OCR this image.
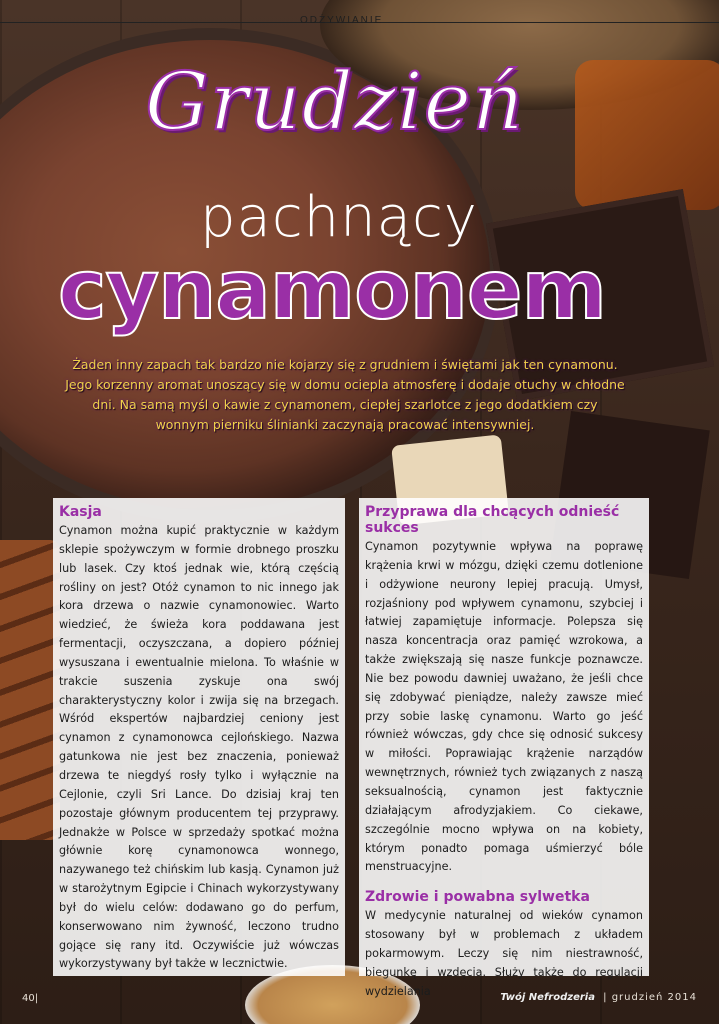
ODŻYWIANIE
Grudzień
pachnący
cynamonem
Żaden inny zapach tak bardzo nie kojarzy się z grudniem i świętami jak ten cynamonu. Jego korzenny aromat unoszący się w domu ociepla atmosferę i dodaje otuchy w chłodne dni. Na samą myśl o kawie z cynamonem, ciepłej szarlotce z jego dodatkiem czy wonnym pierniku ślinianki zaczynają pracować intensywniej.
Kasja

Cynamon można kupić praktycznie w każdym sklepie spożywczym w formie drobnego proszku lub lasek. Czy ktoś jednak wie, którą częścią rośliny on jest? Otóż cynamon to nic innego jak kora drzewa o nazwie cynamonowiec. Warto wiedzieć, że świeża kora poddawana jest fermentacji, oczyszczana, a dopiero później wysuszana i ewentualnie mielona. To właśnie w trakcie suszenia zyskuje ona swój charakterystyczny kolor i zwija się na brzegach. Wśród ekspertów najbardziej ceniony jest cynamon z cynamonowca cejlońskiego. Nazwa gatunkowa nie jest bez znaczenia, ponieważ drzewa te niegdyś rosły tylko i wyłącznie na Cejlonie, czyli Sri Lance. Do dzisiaj kraj ten pozostaje głównym producentem tej przyprawy. Jednakże w Polsce w sprzedaży spotkać można głównie korę cynamonowca wonnego, nazywanego też chińskim lub kasją. Cynamon już w starożytnym Egipcie i Chinach wykorzystywany był do wielu celów: dodawano go do perfum, konserwowano nim żywność, leczono trudno gojące się rany itd. Oczywiście już wówczas wykorzystywany był także w lecznictwie.

Przyprawa dla chcących odnieść sukces

Cynamon pozytywnie wpływa na poprawę krążenia krwi w mózgu, dzięki czemu dotlenione i odżywione neurony lepiej pracują. Umysł, rozjaśniony pod wpływem cynamonu, szybciej i łatwiej zapamiętuje informacje. Polepsza się nasza koncentracja oraz pamięć wzrokowa, a także zwiększają się nasze funkcje poznawcze. Nie bez powodu dawniej uważano, że jeśli chce się zdobywać pieniądze, należy zawsze mieć przy sobie laskę cynamonu. Warto go jeść również wówczas, gdy chce się odnosić sukcesy w miłości. Poprawiając krążenie narządów wewnętrznych, również tych związanych z naszą seksualnością, cynamon jest faktycznie działającym afrodyzjakiem. Co ciekawe, szczególnie mocno wpływa on na kobiety, którym ponadto pomaga uśmierzyć bóle menstruacyjne.

Zdrowie i powabna sylwetka

W medycynie naturalnej od wieków cynamon stosowany był w problemach z układem pokarmowym. Leczy się nim niestrawność, biegunkę i wzdęcia. Służy także do regulacji wydzielania

40|	Twój Nefrodzeria | grudzień 2014
